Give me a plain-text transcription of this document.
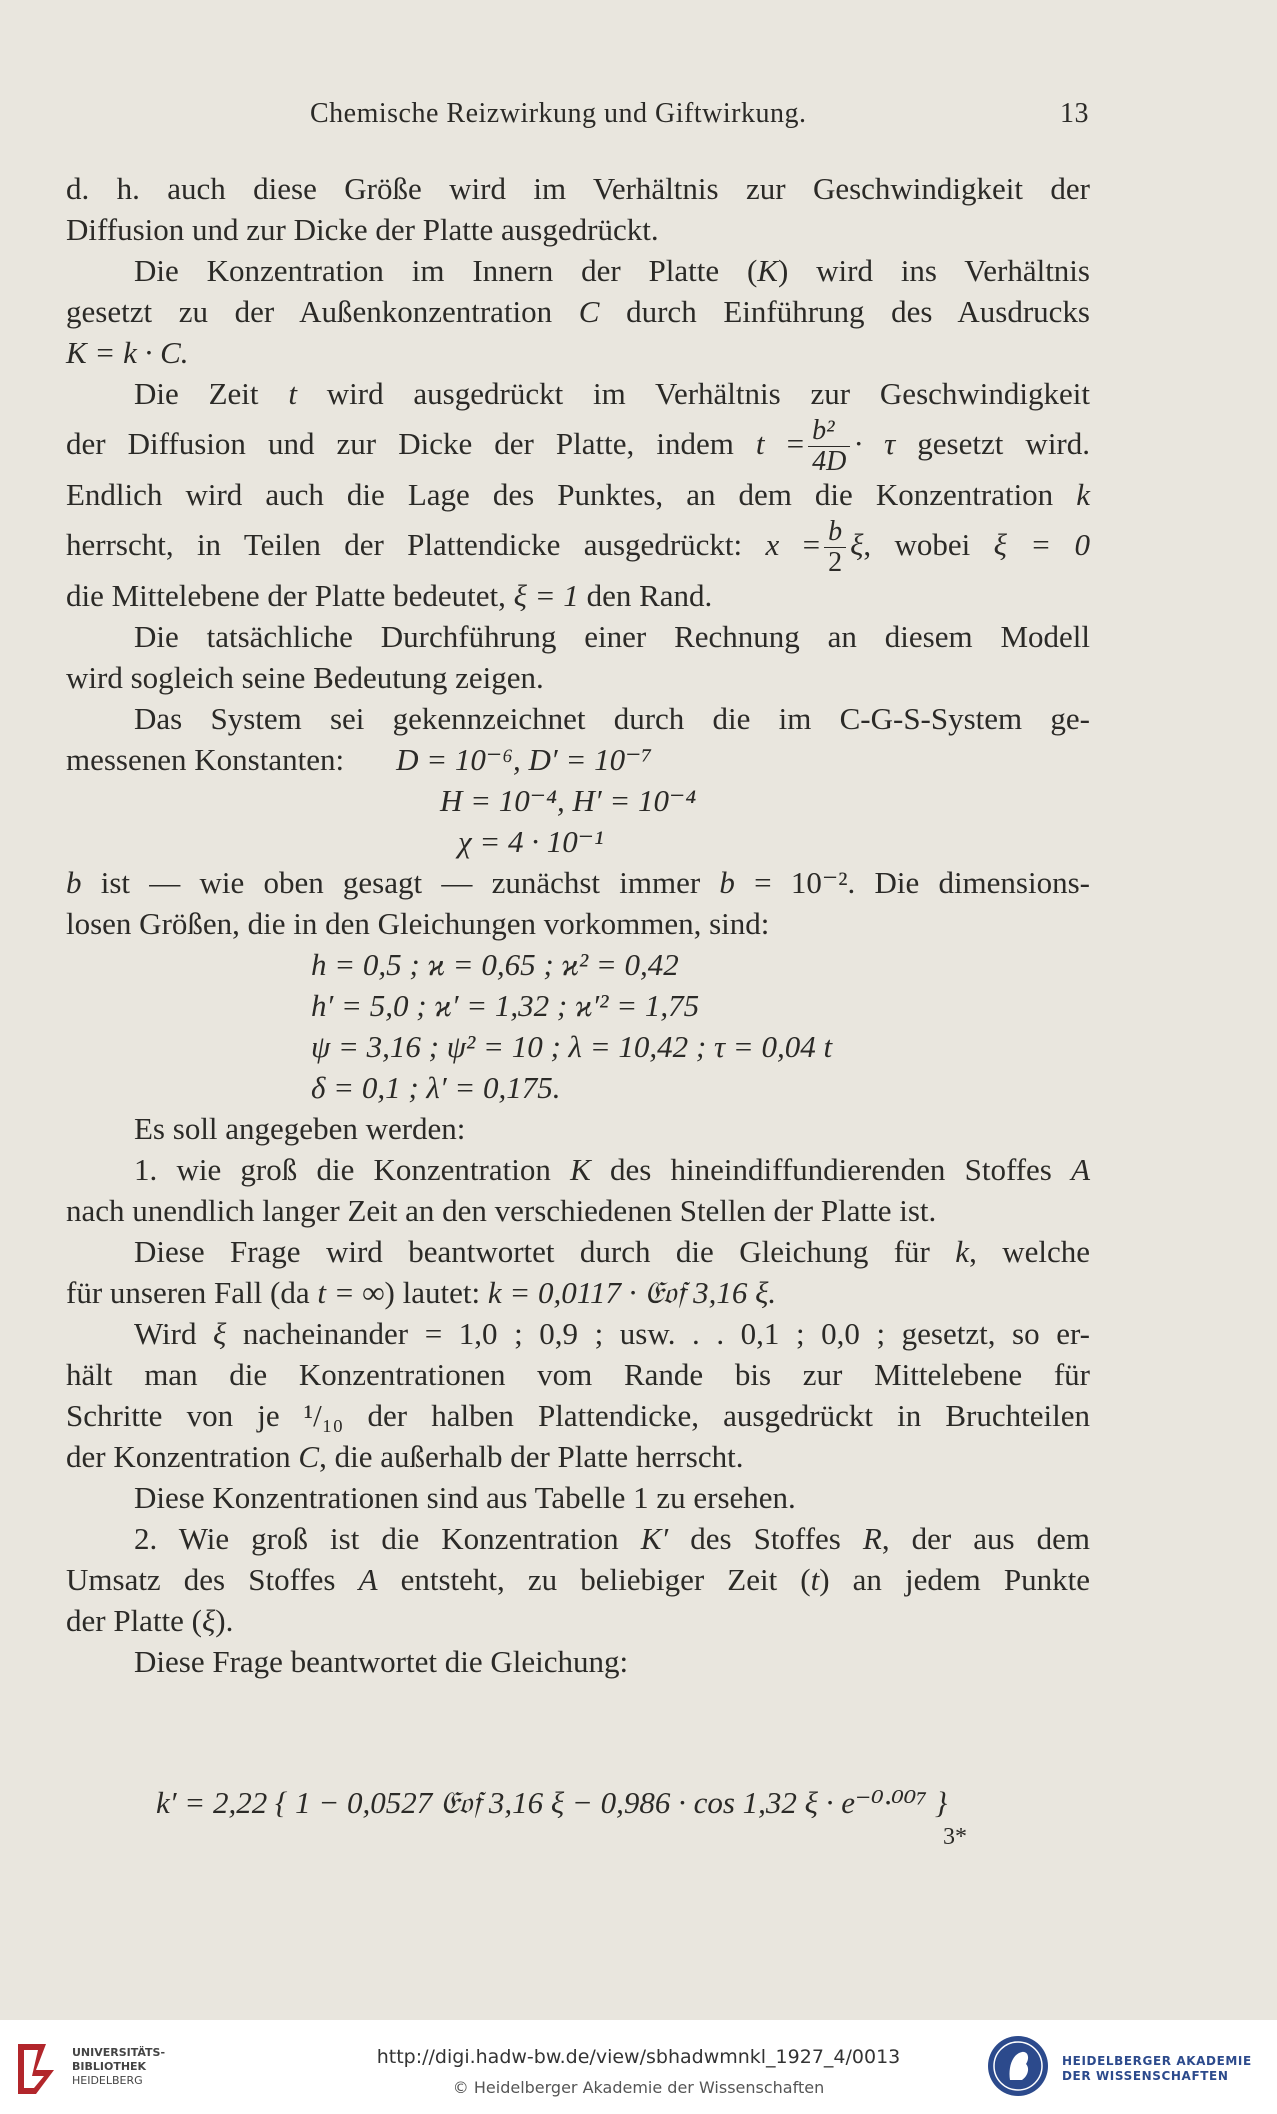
Chemische Reizwirkung und Giftwirkung.	13
d. h. auch diese Größe wird im Verhältnis zur Geschwindigkeit der
Diffusion und zur Dicke der Platte ausgedrückt.
Die Konzentration im Innern der Platte (K) wird ins Verhältnis
gesetzt zu der Außenkonzentration C durch Einführung des Ausdrucks
K = k · C.
Die Zeit t wird ausgedrückt im Verhältnis zur Geschwindigkeit
der Diffusion und zur Dicke der Platte, indem $t = \frac{\text{b²}}{4D} \cdot \tau$ gesetzt wird.
Endlich wird auch die Lage des Punktes, an dem die Konzentration k
herrscht, in Teilen der Plattendicke ausgedrückt: $x = \frac{b}{2} \xi$, wobei ξ = 0
die Mittelebene der Platte bedeutet, ξ = 1 den Rand.
Die tatsächliche Durchführung einer Rechnung an diesem Modell
wird sogleich seine Bedeutung zeigen.
Das System sei gekennzeichnet durch die im C-G-S-System ge-
messenen Konstanten: D = 10⁻⁶, D′ = 10⁻⁷
H = 10⁻⁴, H′ = 10⁻⁴
χ = 4 · 10⁻¹
b ist — wie oben gesagt — zunächst immer b = 10⁻². Die dimensions-
losen Größen, die in den Gleichungen vorkommen, sind:
h = 0,5 ; ϰ = 0,65 ; ϰ² = 0,42
h′ = 5,0 ; ϰ′ = 1,32 ; ϰ′² = 1,75
ψ = 3,16 ; ψ² = 10 ; λ = 10,42 ; τ = 0,04 t
δ = 0,1 ; λ′ = 0,175.
Es soll angegeben werden:
1. wie groß die Konzentration K des hineindiffundierenden Stoffes A
nach unendlich langer Zeit an den verschiedenen Stellen der Platte ist.
Diese Frage wird beantwortet durch die Gleichung für k, welche
für unseren Fall (da t = ∞) lautet: k = 0,0117 · 𝔈𝔬𝔣 3,16 ξ.
Wird ξ nacheinander = 1,0 ; 0,9 ; usw. . . 0,1 ; 0,0 ; gesetzt, so er-
hält man die Konzentrationen vom Rande bis zur Mittelebene für
Schritte von je ¹/₁₀ der halben Plattendicke, ausgedrückt in Bruchteilen
der Konzentration C, die außerhalb der Platte herrscht.
Diese Konzentrationen sind aus Tabelle 1 zu ersehen.
2. Wie groß ist die Konzentration K′ des Stoffes R, der aus dem
Umsatz des Stoffes A entsteht, zu beliebiger Zeit (t) an jedem Punkte
der Platte (ξ).
Diese Frage beantwortet die Gleichung:
k′ = 2,22 { 1 − 0,0527 𝔈𝔬𝔣 3,16 ξ − 0,986 · cos 1,32 ξ · e⁻⁰·⁰⁰⁷ }
3*
UNIVERSITÄTS-
BIBLIOTHEK
HEIDELBERG
http://digi.hadw-bw.de/view/sbhadwmnkl_1927_4/0013
© Heidelberger Akademie der Wissenschaften
HEIDELBERGER AKADEMIE
DER WISSENSCHAFTEN
